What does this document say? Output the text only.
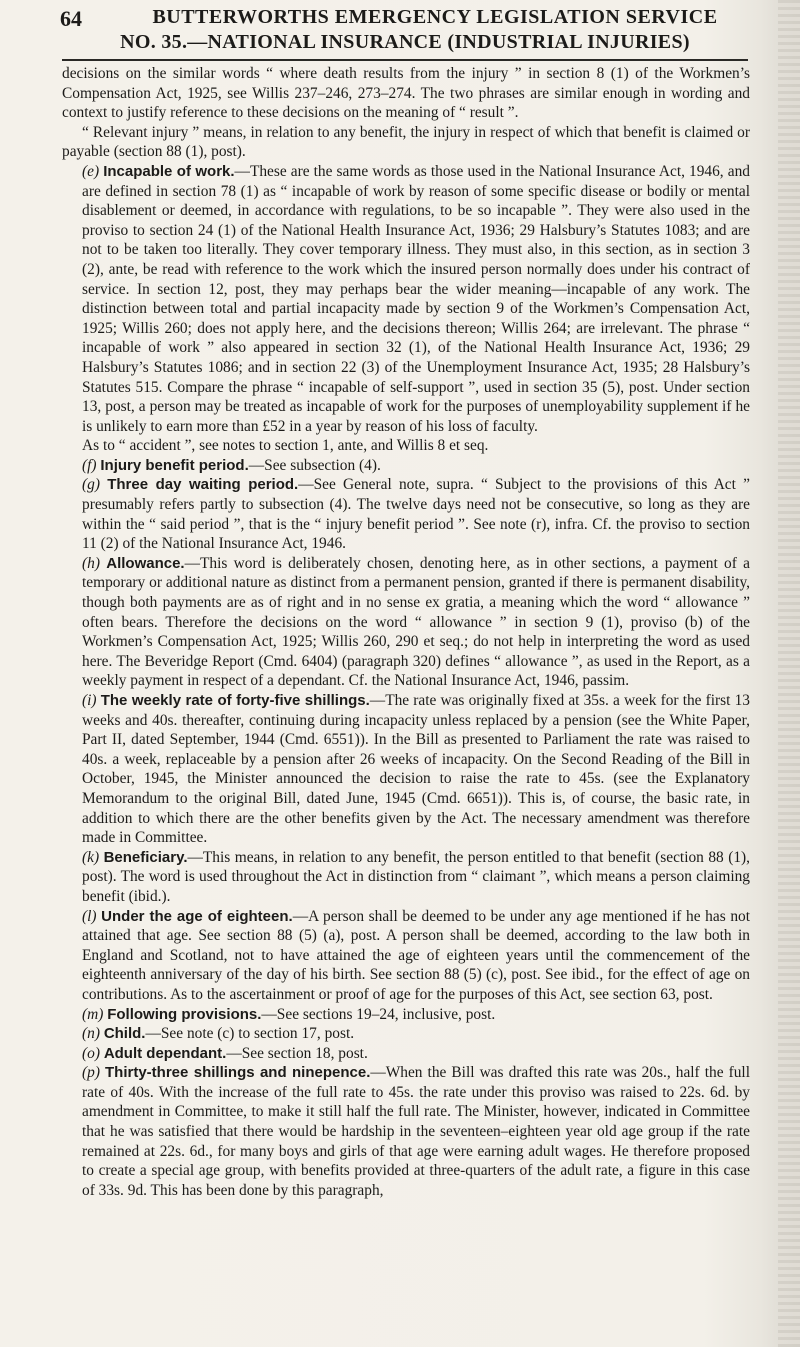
64	BUTTERWORTHS EMERGENCY LEGISLATION SERVICE
NO. 35.—NATIONAL INSURANCE (INDUSTRIAL INJURIES)

decisions on the similar words “ where death results from the injury ” in section 8 (1) of the Workmen’s Compensation Act, 1925, see Willis 237–246, 273–274. The two phrases are similar enough in wording and context to justify reference to these decisions on the meaning of “ result ”.

“ Relevant injury ” means, in relation to any benefit, the injury in respect of which that benefit is claimed or payable (section 88 (1), post).

(e) Incapable of work.—These are the same words as those used in the National Insurance Act, 1946, and are defined in section 78 (1) as “ incapable of work by reason of some specific disease or bodily or mental disablement or deemed, in accordance with regulations, to be so incapable ”. They were also used in the proviso to section 24 (1) of the National Health Insurance Act, 1936; 29 Halsbury’s Statutes 1083; and are not to be taken too literally. They cover temporary illness. They must also, in this section, as in section 3 (2), ante, be read with reference to the work which the insured person normally does under his contract of service. In section 12, post, they may perhaps bear the wider meaning—incapable of any work. The distinction between total and partial incapacity made by section 9 of the Workmen’s Compensation Act, 1925; Willis 260; does not apply here, and the decisions thereon; Willis 264; are irrelevant. The phrase “ incapable of work ” also appeared in section 32 (1), of the National Health Insurance Act, 1936; 29 Halsbury’s Statutes 1086; and in section 22 (3) of the Unemployment Insurance Act, 1935; 28 Halsbury’s Statutes 515. Compare the phrase “ incapable of self-support ”, used in section 35 (5), post. Under section 13, post, a person may be treated as incapable of work for the purposes of unemployability supplement if he is unlikely to earn more than £52 in a year by reason of his loss of faculty.

As to “ accident ”, see notes to section 1, ante, and Willis 8 et seq.

(f) Injury benefit period.—See subsection (4).

(g) Three day waiting period.—See General note, supra. “ Subject to the provisions of this Act ” presumably refers partly to subsection (4). The twelve days need not be consecutive, so long as they are within the “ said period ”, that is the “ injury benefit period ”. See note (r), infra. Cf. the proviso to section 11 (2) of the National Insurance Act, 1946.

(h) Allowance.—This word is deliberately chosen, denoting here, as in other sections, a payment of a temporary or additional nature as distinct from a permanent pension, granted if there is permanent disability, though both payments are as of right and in no sense ex gratia, a meaning which the word “ allowance ” often bears. Therefore the decisions on the word “ allowance ” in section 9 (1), proviso (b) of the Workmen’s Compensation Act, 1925; Willis 260, 290 et seq.; do not help in interpreting the word as used here. The Beveridge Report (Cmd. 6404) (paragraph 320) defines “ allowance ”, as used in the Report, as a weekly payment in respect of a dependant. Cf. the National Insurance Act, 1946, passim.

(i) The weekly rate of forty-five shillings.—The rate was originally fixed at 35s. a week for the first 13 weeks and 40s. thereafter, continuing during incapacity unless replaced by a pension (see the White Paper, Part II, dated September, 1944 (Cmd. 6551)). In the Bill as presented to Parliament the rate was raised to 40s. a week, replaceable by a pension after 26 weeks of incapacity. On the Second Reading of the Bill in October, 1945, the Minister announced the decision to raise the rate to 45s. (see the Explanatory Memorandum to the original Bill, dated June, 1945 (Cmd. 6651)). This is, of course, the basic rate, in addition to which there are the other benefits given by the Act. The necessary amendment was therefore made in Committee.

(k) Beneficiary.—This means, in relation to any benefit, the person entitled to that benefit (section 88 (1), post). The word is used throughout the Act in distinction from “ claimant ”, which means a person claiming benefit (ibid.).

(l) Under the age of eighteen.—A person shall be deemed to be under any age mentioned if he has not attained that age. See section 88 (5) (a), post. A person shall be deemed, according to the law both in England and Scotland, not to have attained the age of eighteen years until the commencement of the eighteenth anniversary of the day of his birth. See section 88 (5) (c), post. See ibid., for the effect of age on contributions. As to the ascertainment or proof of age for the purposes of this Act, see section 63, post.

(m) Following provisions.—See sections 19–24, inclusive, post.

(n) Child.—See note (c) to section 17, post.

(o) Adult dependant.—See section 18, post.

(p) Thirty-three shillings and ninepence.—When the Bill was drafted this rate was 20s., half the full rate of 40s. With the increase of the full rate to 45s. the rate under this proviso was raised to 22s. 6d. by amendment in Committee, to make it still half the full rate. The Minister, however, indicated in Committee that he was satisfied that there would be hardship in the seventeen–eighteen year old age group if the rate remained at 22s. 6d., for many boys and girls of that age were earning adult wages. He therefore proposed to create a special age group, with benefits provided at three-quarters of the adult rate, a figure in this case of 33s. 9d. This has been done by this paragraph,
